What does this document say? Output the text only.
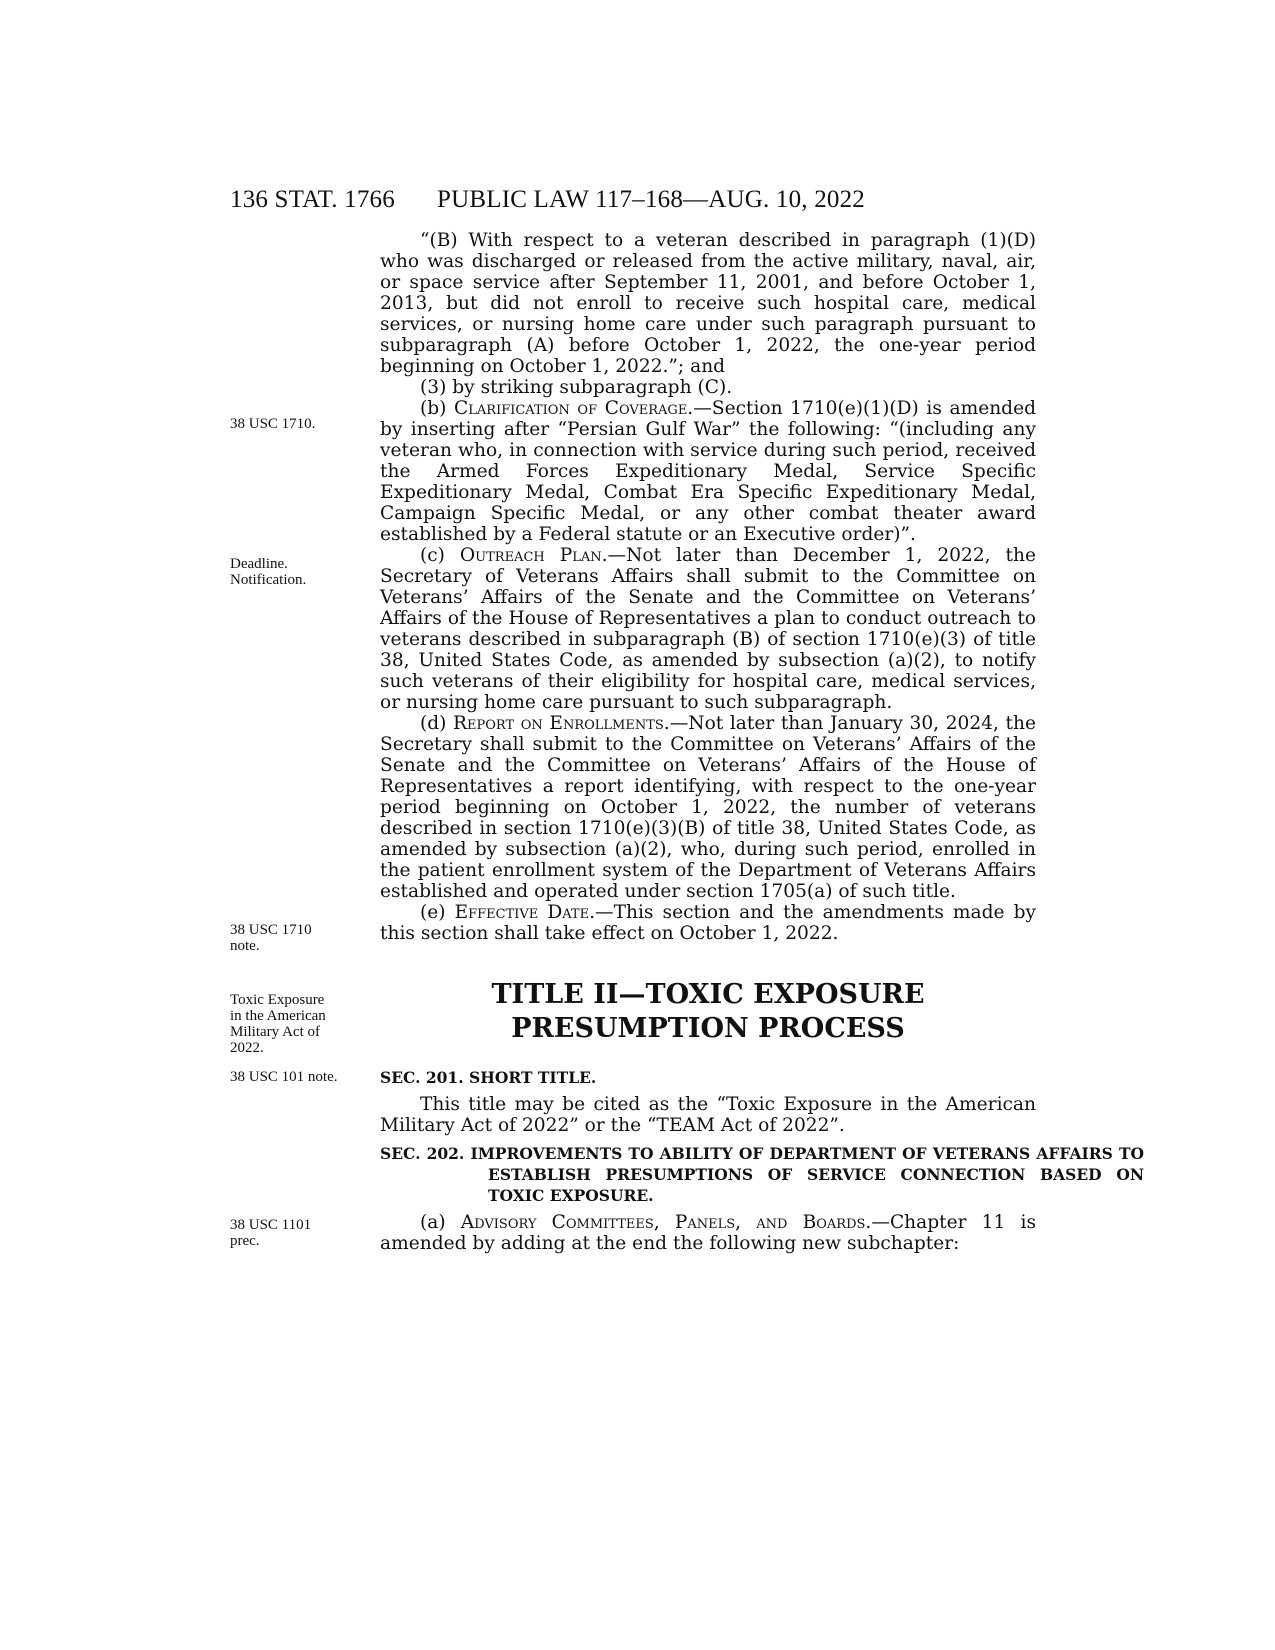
136 STAT. 1766 PUBLIC LAW 117–168—AUG. 10, 2022
38 USC 1710.
Deadline.
Notification.
38 USC 1710
note.
Toxic Exposure
in the American
Military Act of
2022.
38 USC 101 note.
38 USC 1101
prec.
“(B) With respect to a veteran described in paragraph (1)(D) who was discharged or released from the active military, naval, air, or space service after September 11, 2001, and before October 1, 2013, but did not enroll to receive such hospital care, medical services, or nursing home care under such paragraph pursuant to subparagraph (A) before October 1, 2022, the one-year period beginning on October 1, 2022.”; and
(3) by striking subparagraph (C).
(b) Clarification of Coverage.—Section 1710(e)(1)(D) is amended by inserting after “Persian Gulf War” the following: “(including any veteran who, in connection with service during such period, received the Armed Forces Expeditionary Medal, Service Specific Expeditionary Medal, Combat Era Specific Expeditionary Medal, Campaign Specific Medal, or any other combat theater award established by a Federal statute or an Executive order)”.
(c) Outreach Plan.—Not later than December 1, 2022, the Secretary of Veterans Affairs shall submit to the Committee on Veterans’ Affairs of the Senate and the Committee on Veterans’ Affairs of the House of Representatives a plan to conduct outreach to veterans described in subparagraph (B) of section 1710(e)(3) of title 38, United States Code, as amended by subsection (a)(2), to notify such veterans of their eligibility for hospital care, medical services, or nursing home care pursuant to such subparagraph.
(d) Report on Enrollments.—Not later than January 30, 2024, the Secretary shall submit to the Committee on Veterans’ Affairs of the Senate and the Committee on Veterans’ Affairs of the House of Representatives a report identifying, with respect to the one-year period beginning on October 1, 2022, the number of veterans described in section 1710(e)(3)(B) of title 38, United States Code, as amended by subsection (a)(2), who, during such period, enrolled in the patient enrollment system of the Department of Veterans Affairs established and operated under section 1705(a) of such title.
(e) Effective Date.—This section and the amendments made by this section shall take effect on October 1, 2022.
TITLE II—TOXIC EXPOSURE
PRESUMPTION PROCESS
SEC. 201. SHORT TITLE.
This title may be cited as the “Toxic Exposure in the American Military Act of 2022” or the “TEAM Act of 2022”.
SEC. 202. IMPROVEMENTS TO ABILITY OF DEPARTMENT OF VETERANS AFFAIRS TO ESTABLISH PRESUMPTIONS OF SERVICE CONNECTION BASED ON TOXIC EXPOSURE.
(a) Advisory Committees, Panels, and Boards.—Chapter 11 is amended by adding at the end the following new subchapter:
